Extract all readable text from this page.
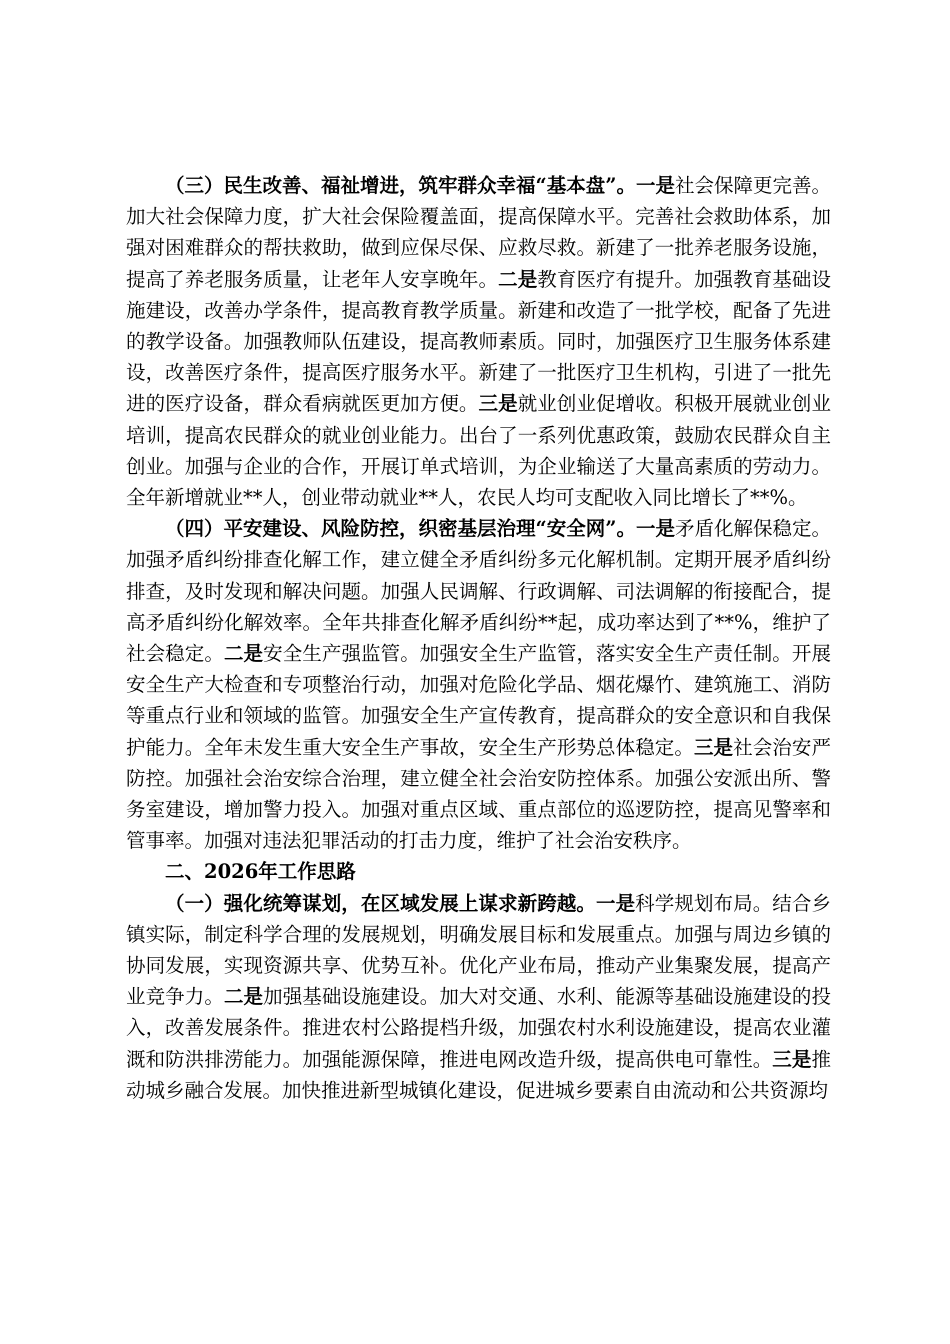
（三）民生改善、福祉增进，筑牢群众幸福“基本盘”。一是社会保障更完善。加大社会保障力度，扩大社会保险覆盖面，提高保障水平。完善社会救助体系，加强对困难群众的帮扶救助，做到应保尽保、应救尽救。新建了一批养老服务设施，提高了养老服务质量，让老年人安享晚年。二是教育医疗有提升。加强教育基础设施建设，改善办学条件，提高教育教学质量。新建和改造了一批学校，配备了先进的教学设备。加强教师队伍建设，提高教师素质。同时，加强医疗卫生服务体系建设，改善医疗条件，提高医疗服务水平。新建了一批医疗卫生机构，引进了一批先进的医疗设备，群众看病就医更加方便。三是就业创业促增收。积极开展就业创业培训，提高农民群众的就业创业能力。出台了一系列优惠政策，鼓励农民群众自主创业。加强与企业的合作，开展订单式培训，为企业输送了大量高素质的劳动力。全年新增就业**人，创业带动就业**人，农民人均可支配收入同比增长了**%。

（四）平安建设、风险防控，织密基层治理“安全网”。一是矛盾化解保稳定。加强矛盾纠纷排查化解工作，建立健全矛盾纠纷多元化解机制。定期开展矛盾纠纷排查，及时发现和解决问题。加强人民调解、行政调解、司法调解的衔接配合，提高矛盾纠纷化解效率。全年共排查化解矛盾纠纷**起，成功率达到了**%，维护了社会稳定。二是安全生产强监管。加强安全生产监管，落实安全生产责任制。开展安全生产大检查和专项整治行动，加强对危险化学品、烟花爆竹、建筑施工、消防等重点行业和领域的监管。加强安全生产宣传教育，提高群众的安全意识和自我保护能力。全年未发生重大安全生产事故，安全生产形势总体稳定。三是社会治安严防控。加强社会治安综合治理，建立健全社会治安防控体系。加强公安派出所、警务室建设，增加警力投入。加强对重点区域、重点部位的巡逻防控，提高见警率和管事率。加强对违法犯罪活动的打击力度，维护了社会治安秩序。

二、2026年工作思路

（一）强化统筹谋划，在区域发展上谋求新跨越。一是科学规划布局。结合乡镇实际，制定科学合理的发展规划，明确发展目标和发展重点。加强与周边乡镇的协同发展，实现资源共享、优势互补。优化产业布局，推动产业集聚发展，提高产业竞争力。二是加强基础设施建设。加大对交通、水利、能源等基础设施建设的投入，改善发展条件。推进农村公路提档升级，加强农村水利设施建设，提高农业灌溉和防洪排涝能力。加强能源保障，推进电网改造升级，提高供电可靠性。三是推动城乡融合发展。加快推进新型城镇化建设，促进城乡要素自由流动和公共资源均
